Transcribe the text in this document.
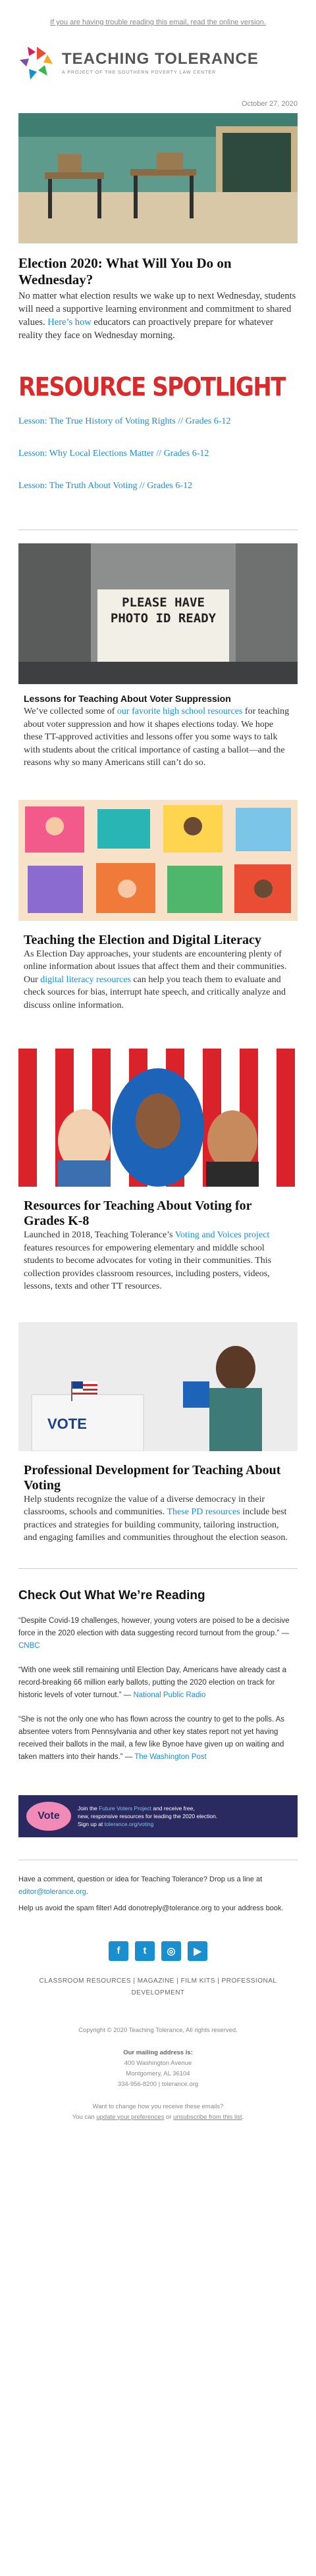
If you are having trouble reading this email, read the online version.
TEACHING TOLERANCE
A PROJECT OF THE SOUTHERN POVERTY LAW CENTER
October 27, 2020
Election 2020: What Will You Do on Wednesday?

No matter what election results we wake up to next Wednesday, students will need a supportive learning environment and commitment to shared values. Here’s how educators can proactively prepare for whatever reality they face on Wednesday morning.

RESOURCE SPOTLIGHT
Lesson: The True History of Voting Rights // Grades 6-12
Lesson: Why Local Elections Matter // Grades 6-12
Lesson: The Truth About Voting // Grades 6-12
PLEASE HAVE PHOTO ID READY
Lessons for Teaching About Voter Suppression

We’ve collected some of our favorite high school resources for teaching about voter suppression and how it shapes elections today. We hope these TT-approved activities and lessons offer you some ways to talk with students about the critical importance of casting a ballot—and the reasons why so many Americans still can’t do so.

Teaching the Election and Digital Literacy

As Election Day approaches, your students are encountering plenty of online information about issues that affect them and their communities. Our digital literacy resources can help you teach them to evaluate and check sources for bias, interrupt hate speech, and critically analyze and discuss online information.

Resources for Teaching About Voting for Grades K-8

Launched in 2018, Teaching Tolerance’s Voting and Voices project features resources for empowering elementary and middle school students to become advocates for voting in their communities. This collection provides classroom resources, including posters, videos, lessons, texts and other TT resources.

VOTE
Professional Development for Teaching About Voting

Help students recognize the value of a diverse democracy in their classrooms, schools and communities. These PD resources include best practices and strategies for building community, tailoring instruction, and engaging families and communities throughout the election season.

Check Out What We’re Reading

“Despite Covid-19 challenges, however, young voters are poised to be a decisive force in the 2020 election with data suggesting record turnout from the group.” — CNBC

“With one week still remaining until Election Day, Americans have already cast a record-breaking 66 million early ballots, putting the 2020 election on track for historic levels of voter turnout.” — National Public Radio

“She is not the only one who has flown across the country to get to the polls. As absentee voters from Pennsylvania and other key states report not yet having received their ballots in the mail, a few like Bynoe have given up on waiting and taken matters into their hands.” — The Washington Post

Vote
Join the Future Voters Project and receive free,
new, responsive resources for leading the 2020 election.
Sign up at tolerance.org/voting

Have a comment, question or idea for Teaching Tolerance? Drop us a line at editor@tolerance.org.

Help us avoid the spam filter! Add donotreply@tolerance.org to your address book.

f	t	◎	▶
CLASSROOM RESOURCES | MAGAZINE | FILM KITS | PROFESSIONAL DEVELOPMENT
Copyright © 2020 Teaching Tolerance, All rights reserved.
Our mailing address is:
400 Washington Avenue
Montgomery, AL 36104
334-956-8200 | tolerance.org
Want to change how you receive these emails?
You can update your preferences or unsubscribe from this list.
